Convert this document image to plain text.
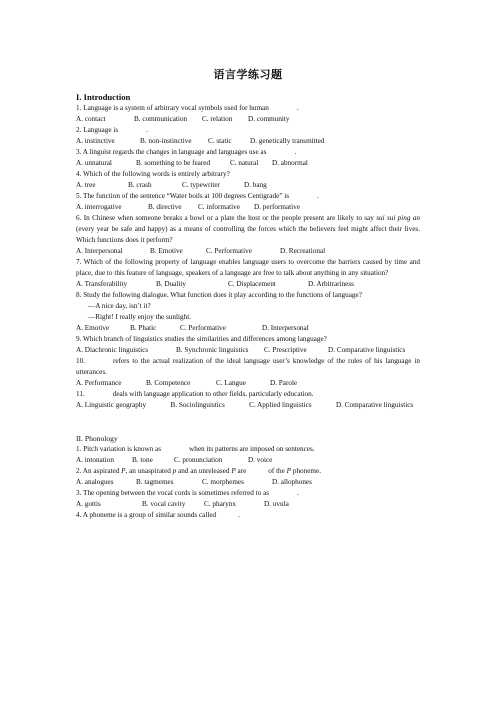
语言学练习题
I. Introduction
1. Language is a system of arbitrary vocal symbols used for human	.
A. contact	B. communication	C. relation	D. community
2. Language is	.
A. instinctive	B. non-instinctive	C. static	D. genetically transmitted
3. A linguist regards the changes in language and languages use as	.
A. unnatural	B. something to be feared	C. natural	D. abnormal
4. Which of the following words is entirely arbitrary?
A. tree	B. crash	C. typewriter	D. bang
5. The function of the sentence “Water boils at 100 degrees Centigrade” is	.
A. interrogative	B. directive	C. informative	D. performative
6. In Chinese when someone breaks a bowl or a plate the host or the people present are likely to say sui sui ping an (every year be safe and happy) as a means of controlling the forces which the believers feel might affect their lives. Which functions does it perform?
A. Interpersonal	B. Emotive	C. Performative	D. Recreational
7. Which of the following property of language enables language users to overcome the barriers caused by time and place, due to this feature of language, speakers of a language are free to talk about anything in any situation?
A. Transferability	B. Duality	C. Displacement	D. Arbitrariness
8. Study the following dialogue. What function does it play according to the functions of language?
—A nice day, isn’t it?
—Right! I really enjoy the sunlight.
A. Emotive	B. Phatic	C. Performative	D. Interpersonal
9. Which branch of linguistics studies the similarities and differences among language?
A. Diachronic linguistics	B. Synchronic linguistics	C. Prescriptive	D. Comparative linguistics
10.	refers to the actual realization of the ideal language user’s knowledge of the rules of his language in utterances.
A. Performance	B. Competence	C. Langue	D. Parole
11.	deals with language application to other fields, particularly education.
A. Linguistic geography	B. Sociolinguistics	C. Applied linguistics	D. Comparative linguistics
II. Phonology
1. Pitch variation is known as	when its patterns are imposed on sentences.
A. intonation	B. tone	C. pronunciation	D. voice
2. An aspirated P, an unaspirated p and an unreleased P are	of the P phoneme.
A. analogues	B. tagmemes	C. morphemes	D. allophones
3. The opening between the vocal cords is sometimes referred to as	.
A. gottis	B. vocal cavity	C. pharynx	D. uvula
4. A phoneme is a group of similar sounds called	.
